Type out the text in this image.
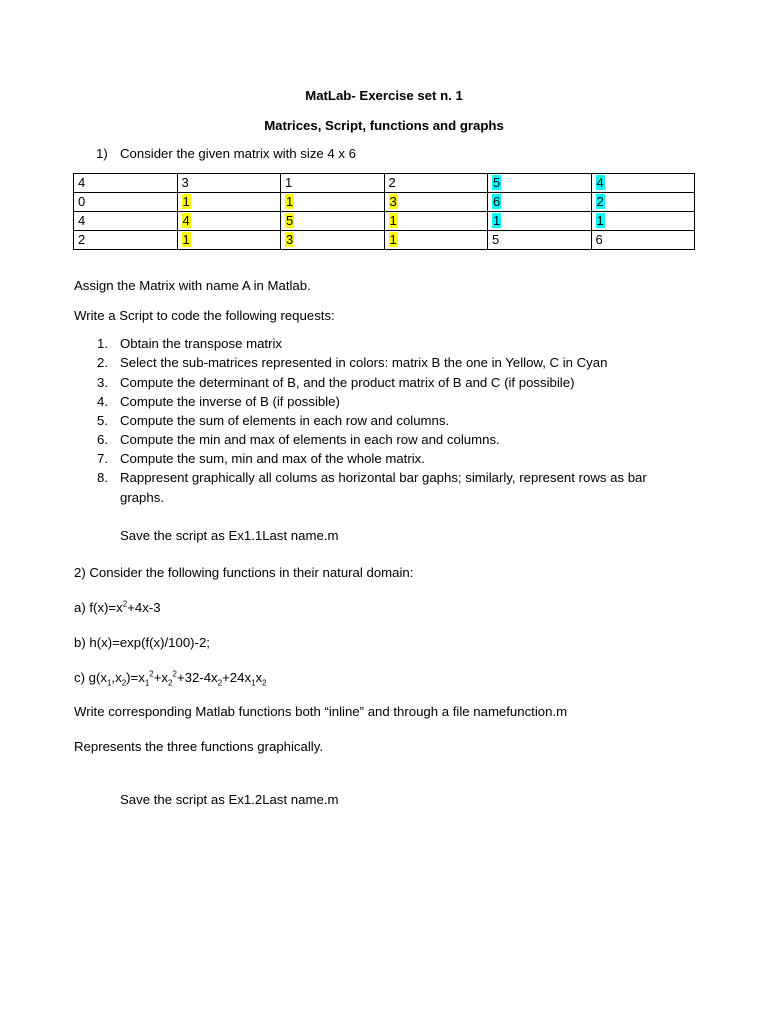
MatLab- Exercise set n. 1
Matrices, Script, functions and graphs
1) Consider the given matrix with size 4 x 6
4	3	1	2	5	4
0	1	1	3	6	2
4	4	5	1	1	1
2	1	3	1	5	6
Assign the Matrix with name A in Matlab.
Write a Script to code the following requests:
1. Obtain the transpose matrix
2. Select the sub-matrices represented in colors: matrix B the one in Yellow, C in Cyan
3. Compute the determinant of B, and the product matrix of B and C (if possibile)
4. Compute the inverse of B (if possible)
5. Compute the sum of elements in each row and columns.
6. Compute the min and max of elements in each row and columns.
7. Compute the sum, min and max of the whole matrix.
8. Rappresent graphically all colums as horizontal bar gaphs; similarly, represent rows as bar
graphs.
Save the script as Ex1.1Last name.m
2) Consider the following functions in their natural domain:
a) $f(x)=x^2+4x-3$
b) h(x)=exp(f(x)/100)-2;
c) $g(x_1,x_2)=x_1^2+x_2^2+32-4x_2+24x_1x_2$
Write corresponding Matlab functions both “inline” and through a file namefunction.m
Represents the three functions graphically.
Save the script as Ex1.2Last name.m
